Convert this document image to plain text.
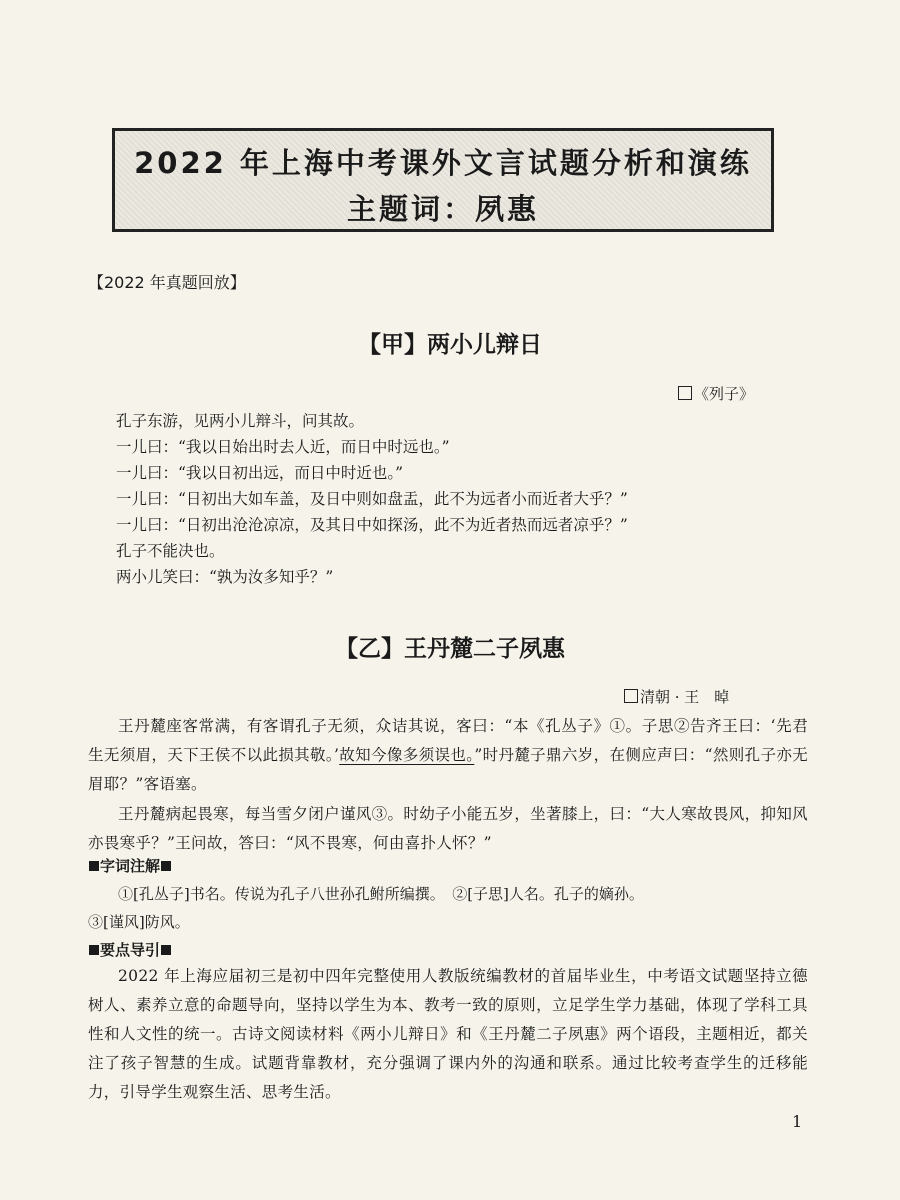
2022 年上海中考课外文言试题分析和演练
主题词：夙惠
【2022 年真题回放】
【甲】两小儿辩日
《列子》
孔子东游，见两小儿辩斗，问其故。
一儿曰：“我以日始出时去人近，而日中时远也。”
一儿曰：“我以日初出远，而日中时近也。”
一儿曰：“日初出大如车盖，及日中则如盘盂，此不为远者小而近者大乎？”
一儿曰：“日初出沧沧凉凉，及其日中如探汤，此不为近者热而远者凉乎？”
孔子不能决也。
两小儿笑曰：“孰为汝多知乎？”
【乙】王丹麓二子夙惠
清朝 · 王　晫
王丹麓座客常满，有客谓孔子无须，众诘其说，客曰：“本《孔丛子》①。子思②告齐王曰：‘先君生无须眉，天下王侯不以此损其敬。’故知今像多须误也。”时丹麓子鼎六岁，在侧应声曰：“然则孔子亦无眉耶？”客语塞。
王丹麓病起畏寒，每当雪夕闭户谨风③。时幼子小能五岁，坐著膝上，曰：“大人寒故畏风，抑知风亦畏寒乎？”王问故，答曰：“风不畏寒，何由喜扑人怀？”
字词注解
①[孔丛子]书名。传说为孔子八世孙孔鲋所编撰。　②[子思]人名。孔子的嫡孙。
③[谨风]防风。
要点导引
2022 年上海应届初三是初中四年完整使用人教版统编教材的首届毕业生，中考语文试题坚持立德树人、素养立意的命题导向，坚持以学生为本、教考一致的原则，立足学生学力基础，体现了学科工具性和人文性的统一。古诗文阅读材料《两小儿辩日》和《王丹麓二子夙惠》两个语段，主题相近，都关注了孩子智慧的生成。试题背靠教材，充分强调了课内外的沟通和联系。通过比较考查学生的迁移能力，引导学生观察生活、思考生活。
1
